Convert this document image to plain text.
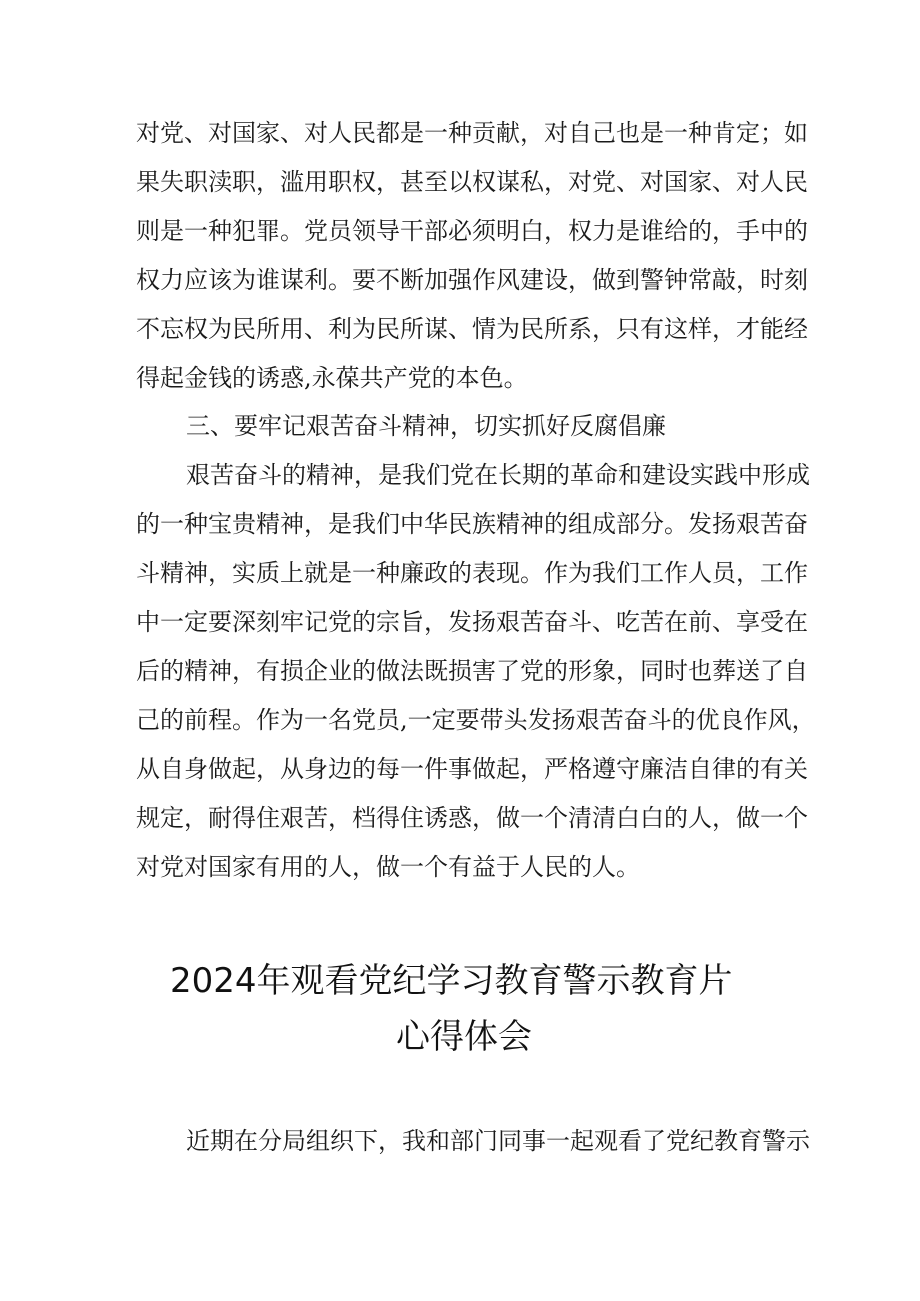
对党、对国家、对人民都是一种贡献，对自己也是一种肯定；如
果失职渎职，滥用职权，甚至以权谋私，对党、对国家、对人民
则是一种犯罪。党员领导干部必须明白，权力是谁给的，手中的
权力应该为谁谋利。要不断加强作风建设，做到警钟常敲，时刻
不忘权为民所用、利为民所谋、情为民所系，只有这样，才能经
得起金钱的诱惑,永葆共产党的本色。
三、要牢记艰苦奋斗精神，切实抓好反腐倡廉
艰苦奋斗的精神，是我们党在长期的革命和建设实践中形成
的一种宝贵精神，是我们中华民族精神的组成部分。发扬艰苦奋
斗精神，实质上就是一种廉政的表现。作为我们工作人员，工作
中一定要深刻牢记党的宗旨，发扬艰苦奋斗、吃苦在前、享受在
后的精神，有损企业的做法既损害了党的形象，同时也葬送了自
己的前程。作为一名党员,一定要带头发扬艰苦奋斗的优良作风，
从自身做起，从身边的每一件事做起，严格遵守廉洁自律的有关
规定，耐得住艰苦，档得住诱惑，做一个清清白白的人，做一个
对党对国家有用的人，做一个有益于人民的人。
2024年观看党纪学习教育警示教育片
心得体会
近期在分局组织下，我和部门同事一起观看了党纪教育警示
